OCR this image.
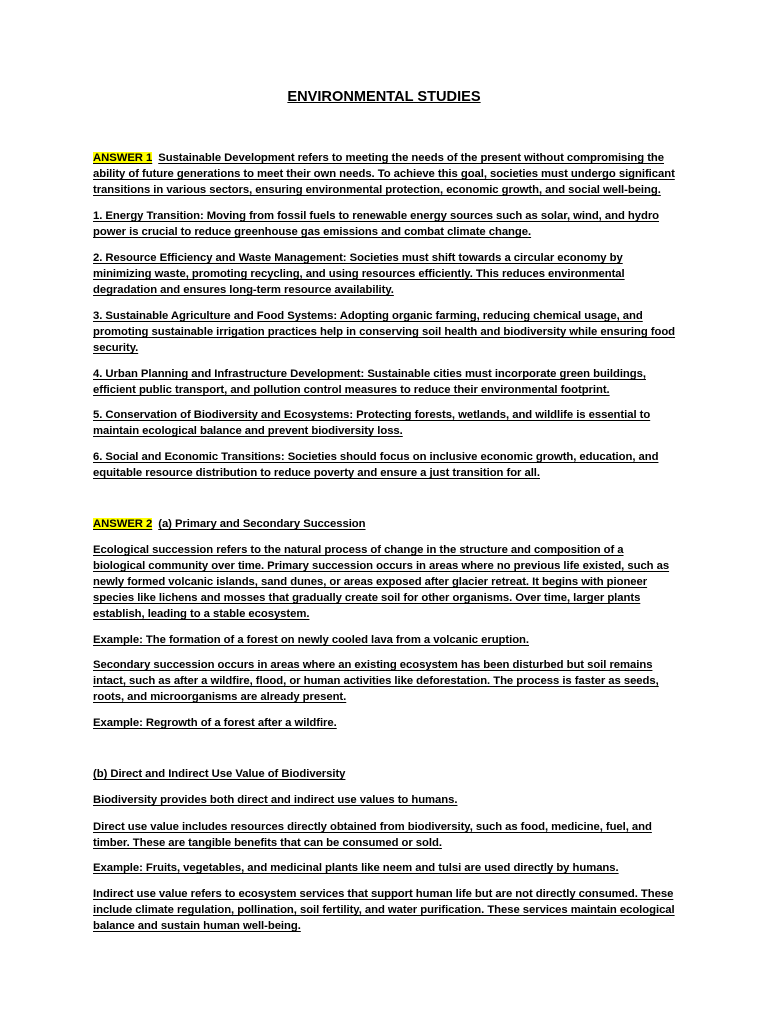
ENVIRONMENTAL STUDIES
ANSWER 1 Sustainable Development refers to meeting the needs of the present without compromising the ability of future generations to meet their own needs. To achieve this goal, societies must undergo significant transitions in various sectors, ensuring environmental protection, economic growth, and social well-being.
1. Energy Transition: Moving from fossil fuels to renewable energy sources such as solar, wind, and hydro power is crucial to reduce greenhouse gas emissions and combat climate change.
2. Resource Efficiency and Waste Management: Societies must shift towards a circular economy by minimizing waste, promoting recycling, and using resources efficiently. This reduces environmental degradation and ensures long-term resource availability.
3. Sustainable Agriculture and Food Systems: Adopting organic farming, reducing chemical usage, and promoting sustainable irrigation practices help in conserving soil health and biodiversity while ensuring food security.
4. Urban Planning and Infrastructure Development: Sustainable cities must incorporate green buildings, efficient public transport, and pollution control measures to reduce their environmental footprint.
5. Conservation of Biodiversity and Ecosystems: Protecting forests, wetlands, and wildlife is essential to maintain ecological balance and prevent biodiversity loss.
6. Social and Economic Transitions: Societies should focus on inclusive economic growth, education, and equitable resource distribution to reduce poverty and ensure a just transition for all.
ANSWER 2 (a) Primary and Secondary Succession
Ecological succession refers to the natural process of change in the structure and composition of a biological community over time. Primary succession occurs in areas where no previous life existed, such as newly formed volcanic islands, sand dunes, or areas exposed after glacier retreat. It begins with pioneer species like lichens and mosses that gradually create soil for other organisms. Over time, larger plants establish, leading to a stable ecosystem.
Example: The formation of a forest on newly cooled lava from a volcanic eruption.
Secondary succession occurs in areas where an existing ecosystem has been disturbed but soil remains intact, such as after a wildfire, flood, or human activities like deforestation. The process is faster as seeds, roots, and microorganisms are already present.
Example: Regrowth of a forest after a wildfire.
(b) Direct and Indirect Use Value of Biodiversity
Biodiversity provides both direct and indirect use values to humans.
Direct use value includes resources directly obtained from biodiversity, such as food, medicine, fuel, and timber. These are tangible benefits that can be consumed or sold.
Example: Fruits, vegetables, and medicinal plants like neem and tulsi are used directly by humans.
Indirect use value refers to ecosystem services that support human life but are not directly consumed. These include climate regulation, pollination, soil fertility, and water purification. These services maintain ecological balance and sustain human well-being.
